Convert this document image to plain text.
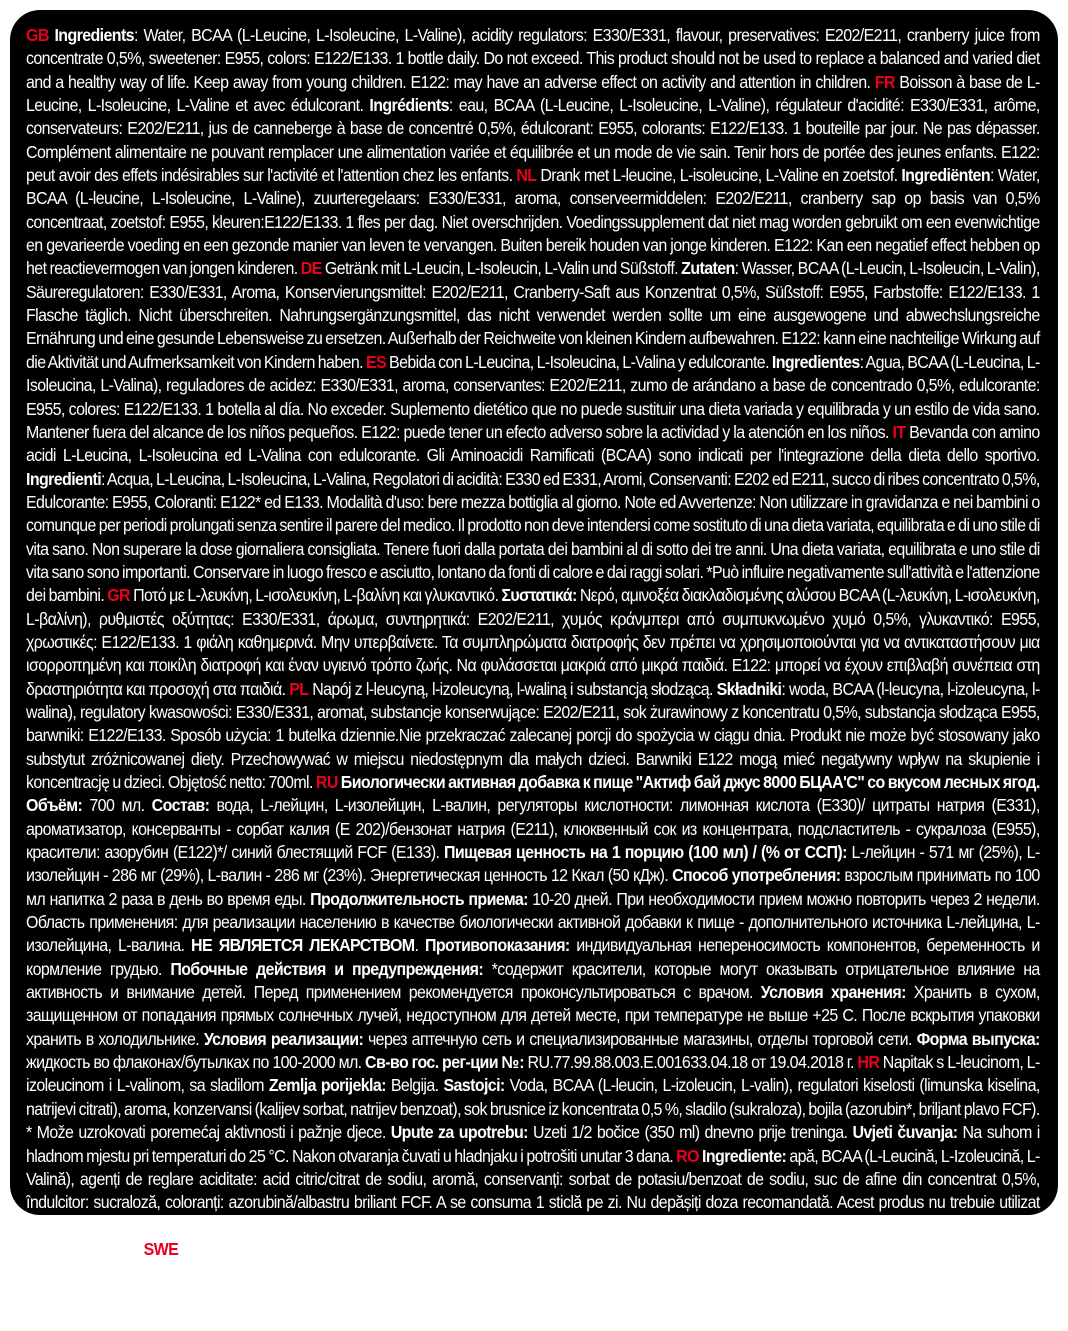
GB Ingredients: Water, BCAA (L-Leucine, L-Isoleucine, L-Valine), acidity regulators: E330/E331, flavour, preservatives: E202/E211, cranberry juice from concentrate 0,5%, sweetener: E955, colors: E122/E133. 1 bottle daily. Do not exceed. This product should not be used to replace a balanced and varied diet and a healthy way of life. Keep away from young children. E122: may have an adverse effect on activity and attention in children. FR Boisson à base de L-Leucine, L-Isoleucine, L-Valine et avec édulcorant. Ingrédients: eau, BCAA (L-Leucine, L-Isoleucine, L-Valine), régulateur d'acidité: E330/E331, arôme, conservateurs: E202/E211, jus de canneberge à base de concentré 0,5%, édulcorant: E955, colorants: E122/E133. 1 bouteille par jour. Ne pas dépasser. Complément alimentaire ne pouvant remplacer une alimentation variée et équilibrée et un mode de vie sain. Tenir hors de portée des jeunes enfants. E122: peut avoir des effets indésirables sur l'activité et l'attention chez les enfants. NL Drank met L-leucine, L-isoleucine, L-Valine en zoetstof. Ingrediënten: Water, BCAA (L-leucine, L-Isoleucine, L-Valine), zuurteregelaars: E330/E331, aroma, conserveermiddelen: E202/E211, cranberry sap op basis van 0,5% concentraat, zoetstof: E955, kleuren:E122/E133. 1 fles per dag. Niet overschrijden. Voedingssupplement dat niet mag worden gebruikt om een evenwichtige en gevarieerde voeding en een gezonde manier van leven te vervangen. Buiten bereik houden van jonge kinderen. E122: Kan een negatief effect hebben op het reactievermogen van jongen kinderen. DE Getränk mit L-Leucin, L-Isoleucin, L-Valin und Süßstoff. Zutaten: Wasser, BCAA (L-Leucin, L-Isoleucin, L-Valin), Säureregulatoren: E330/E331, Aroma, Konservierungsmittel: E202/E211, Cranberry-Saft aus Konzentrat 0,5%, Süßstoff: E955, Farbstoffe: E122/E133. 1 Flasche täglich. Nicht überschreiten. Nahrungsergänzungsmittel, das nicht verwendet werden sollte um eine ausgewogene und abwechslungsreiche Ernährung und eine gesunde Lebensweise zu ersetzen. Außerhalb der Reichweite von kleinen Kindern aufbewahren. E122: kann eine nachteilige Wirkung auf die Aktivität und Aufmerksamkeit von Kindern haben. ES Bebida con L-Leucina, L-Isoleucina, L-Valina y edulcorante. Ingredientes: Agua, BCAA (L-Leucina, L-Isoleucina, L-Valina), reguladores de acidez: E330/E331, aroma, conservantes: E202/E211, zumo de arándano a base de concentrado 0,5%, edulcorante: E955, colores: E122/E133. 1 botella al día. No exceder. Suplemento dietético que no puede sustituir una dieta variada y equilibrada y un estilo de vida sano. Mantener fuera del alcance de los niños pequeños. E122: puede tener un efecto adverso sobre la actividad y la atención en los niños. IT Bevanda con amino acidi L-Leucina, L-Isoleucina ed L-Valina con edulcorante. Gli Aminoacidi Ramificati (BCAA) sono indicati per l'integrazione della dieta dello sportivo. Ingredienti: Acqua, L-Leucina, L-Isoleucina, L-Valina, Regolatori di acidità: E330 ed E331, Aromi, Conservanti: E202 ed E211, succo di ribes concentrato 0,5%, Edulcorante: E955, Coloranti: E122* ed E133. Modalità d'uso: bere mezza bottiglia al giorno. Note ed Avvertenze: Non utilizzare in gravidanza e nei bambini o comunque per periodi prolungati senza sentire il parere del medico. Il prodotto non deve intendersi come sostituto di una dieta variata, equilibrata e di uno stile di vita sano. Non superare la dose giornaliera consigliata. Tenere fuori dalla portata dei bambini al di sotto dei tre anni. Una dieta variata, equilibrata e uno stile di vita sano sono importanti. Conservare in luogo fresco e asciutto, lontano da fonti di calore e dai raggi solari. *Può influire negativamente sull'attività e l'attenzione dei bambini. GR Ποτό με L-λευκίνη, L-ισολευκίνη, L-βαλίνη και γλυκαντικό. Συστατικά: Νερό, αμινοξέα διακλαδισμένης αλύσου BCAA (L-λευκίνη, L-ισολευκίνη, L-βαλίνη), ρυθμιστές οξύτητας: E330/E331, άρωμα, συντηρητικά: E202/E211, χυμός κράνμπερι από συμπυκνωμένο χυμό 0,5%, γλυκαντικό: E955, χρωστικές: E122/E133. 1 φιάλη καθημερινά. Μην υπερβαίνετε. Τα συμπληρώματα διατροφής δεν πρέπει να χρησιμοποιούνται για να αντικαταστήσουν μια ισορροπημένη και ποικίλη διατροφή και έναν υγιεινό τρόπο ζωής. Να φυλάσσεται μακριά από μικρά παιδιά. E122: μπορεί να έχουν επιβλαβή συνέπεια στη δραστηριότητα και προσοχή στα παιδιά. PL Napój z l-leucyną, l-izoleucyną, l-waliną i substancją słodzącą. Składniki: woda, BCAA (l-leucyna, l-izoleucyna, l-walina), regulatory kwasowości: E330/E331, aromat, substancje konserwujące: E202/E211, sok żurawinowy z koncentratu 0,5%, substancja słodząca E955, barwniki: E122/E133. Sposób użycia: 1 butelka dziennie.Nie przekraczać zalecanej porcji do spożycia w ciągu dnia. Produkt nie może być stosowany jako substytut zróżnicowanej diety. Przechowywać w miejscu niedostępnym dla małych dzieci. Barwniki E122 mogą mieć negatywny wpływ na skupienie i koncentrację u dzieci. Objętość netto: 700ml. RU Биологически активная добавка к пище "Актиф бай джус 8000 БЦАА'С" со вкусом лесных ягод. Объём: 700 мл. Состав: вода, L-лейцин, L-изолейцин, L-валин, регуляторы кислотности: лимонная кислота (E330)/ цитраты натрия (E331), ароматизатор, консерванты - сорбат калия (E 202)/бензонат натрия (E211), клюквенный сок из концентрата, подсластитель - сукралоза (E955), красители: азорубин (E122)*/ синий блестящий FCF (E133). Пищевая ценность на 1 порцию (100 мл) / (% от ССП): L-лейцин - 571 мг (25%), L-изолейцин - 286 мг (29%), L-валин - 286 мг (23%). Энергетическая ценность 12 Ккал (50 кДж). Способ употребления: взрослым принимать по 100 мл напитка 2 раза в день во время еды. Продолжительность приема: 10-20 дней. При необходимости прием можно повторить через 2 недели. Область применения: для реализации населению в качестве биологически активной добавки к пище - дополнительного источника L-лейцина, L- изолейцина, L-валина. НЕ ЯВЛЯЕТСЯ ЛЕКАРСТВОМ. Противопоказания: индивидуальная непереносимость компонентов, беременность и кормление грудью. Побочные действия и предупреждения: *содержит красители, которые могут оказывать отрицательное влияние на активность и внимание детей. Перед применением рекомендуется проконсультироваться с врачом. Условия хранения: Хранить в сухом, защищенном от попадания прямых солнечных лучей, недоступном для детей месте, при температуре не выше +25 С. После вскрытия упаковки хранить в холодильнике. Условия реализации: через аптечную сеть и специализированные магазины, отделы торговой сети. Форма выпуска: жидкость во флаконах/бутылках по 100-2000 мл. Св-во гос. рег-ции №: RU.77.99.88.003.E.001633.04.18 от 19.04.2018 г. HR Napitak s L-leucinom, L-izoleucinom i L-valinom, sa sladilom Zemlja porijekla: Belgija. Sastojci: Voda, BCAA (L-leucin, L-izoleucin, L-valin), regulatori kiselosti (limunska kiselina, natrijevi citrati), aroma, konzervansi (kalijev sorbat, natrijev benzoat), sok brusnice iz koncentrata 0,5 %, sladilo (sukraloza), bojila (azorubin*, briljant plavo FCF). * Može uzrokovati poremećaj aktivnosti i pažnje djece. Upute za upotrebu: Uzeti 1/2 bočice (350 ml) dnevno prije treninga. Uvjeti čuvanja: Na suhom i hladnom mjestu pri temperaturi do 25 °C. Nakon otvaranja čuvati u hladnjaku i potrošiti unutar 3 dana. RO Ingrediente: apă, BCAA (L-Leucină, L-Izoleucină, L-Valină), agenți de reglare aciditate: acid citric/citrat de sodiu, aromă, conservanți: sorbat de potasiu/benzoat de sodiu, suc de afine din concentrat 0,5%, îndulcitor: sucraloză, coloranți: azorubină/albastru briliant FCF. A se consuma 1 sticlă pe zi. Nu depășiți doza recomandată. Acest produs nu trebuie utilizat pentru a înlocui o dietă echilibrată și variată și un stil de viață sănătos. A nu se lăsa la îndemâna copiilor. Azorubina poate avea un efect advers asupra activității și atenției copiilor. SWE Ingredienser: vatten, BCAA (L-leucin, L-isoleucin, L-valin), surhetsregulatorer: E330/E331, smak, konserveringsmedel: E202, E211, citronsaftkoncentrat 0,5%, sötningsmedel: E955, färger: E122/E133. En flaska om dagen. Överstiga inte rekommendationen. Produkten ersätter inte en balanserad och varierad kost och en hälsosam livsstil. Förvaras oåtkomligt för små barn. E122: Kan ha negativ inverkan på barns aktivitet och försämra alertness.
